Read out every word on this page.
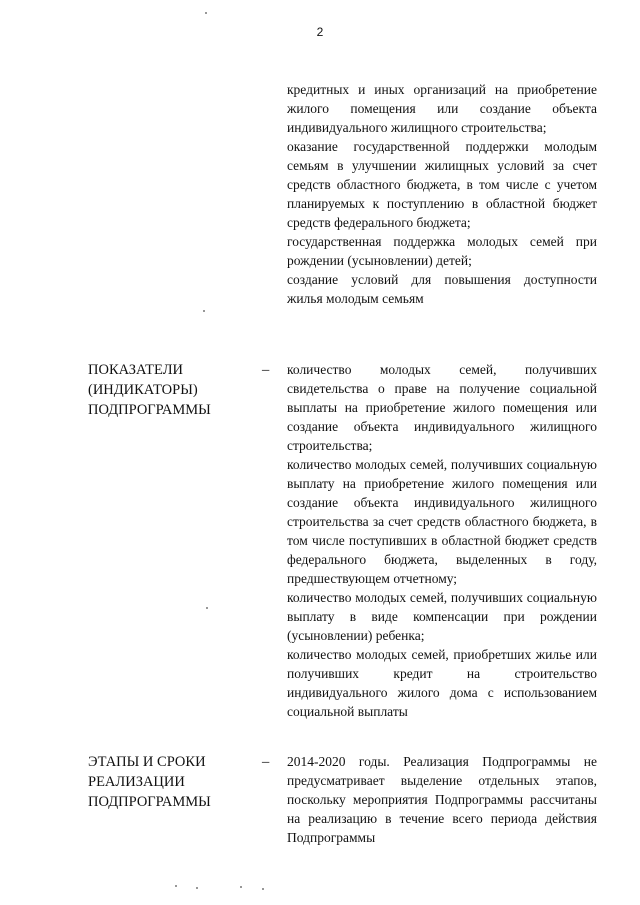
2

кредитных и иных организаций на приобретение жилого помещения или создание объекта индивидуального жилищного строительства;

оказание государственной поддержки молодым семьям в улучшении жилищных условий за счет средств областного бюджета, в том числе с учетом планируемых к поступлению в областной бюджет средств федерального бюджета;

государственная поддержка молодых семей при рождении (усыновлении) детей;

создание условий для повышения доступности жилья молодым семьям

ПОКАЗАТЕЛИ
(ИНДИКАТОРЫ)
ПОДПРОГРАММЫ
– количество молодых семей, получивших свидетельства о праве на получение социальной выплаты на приобретение жилого помещения или создание объекта индивидуального жилищного строительства;

количество молодых семей, получивших социальную выплату на приобретение жилого помещения или создание объекта индивидуального жилищного строительства за счет средств областного бюджета, в том числе поступивших в областной бюджет средств федерального бюджета, выделенных в году, предшествующем отчетному;

количество молодых семей, получивших социальную выплату в виде компенсации при рождении (усыновлении) ребенка;

количество молодых семей, приобретших жилье или получивших кредит на строительство индивидуального жилого дома с использованием социальной выплаты

ЭТАПЫ И СРОКИ
РЕАЛИЗАЦИИ
ПОДПРОГРАММЫ
– 2014-2020 годы. Реализация Подпрограммы не предусматривает выделение отдельных этапов, поскольку мероприятия Подпрограммы рассчитаны на реализацию в течение всего периода действия Подпрограммы
